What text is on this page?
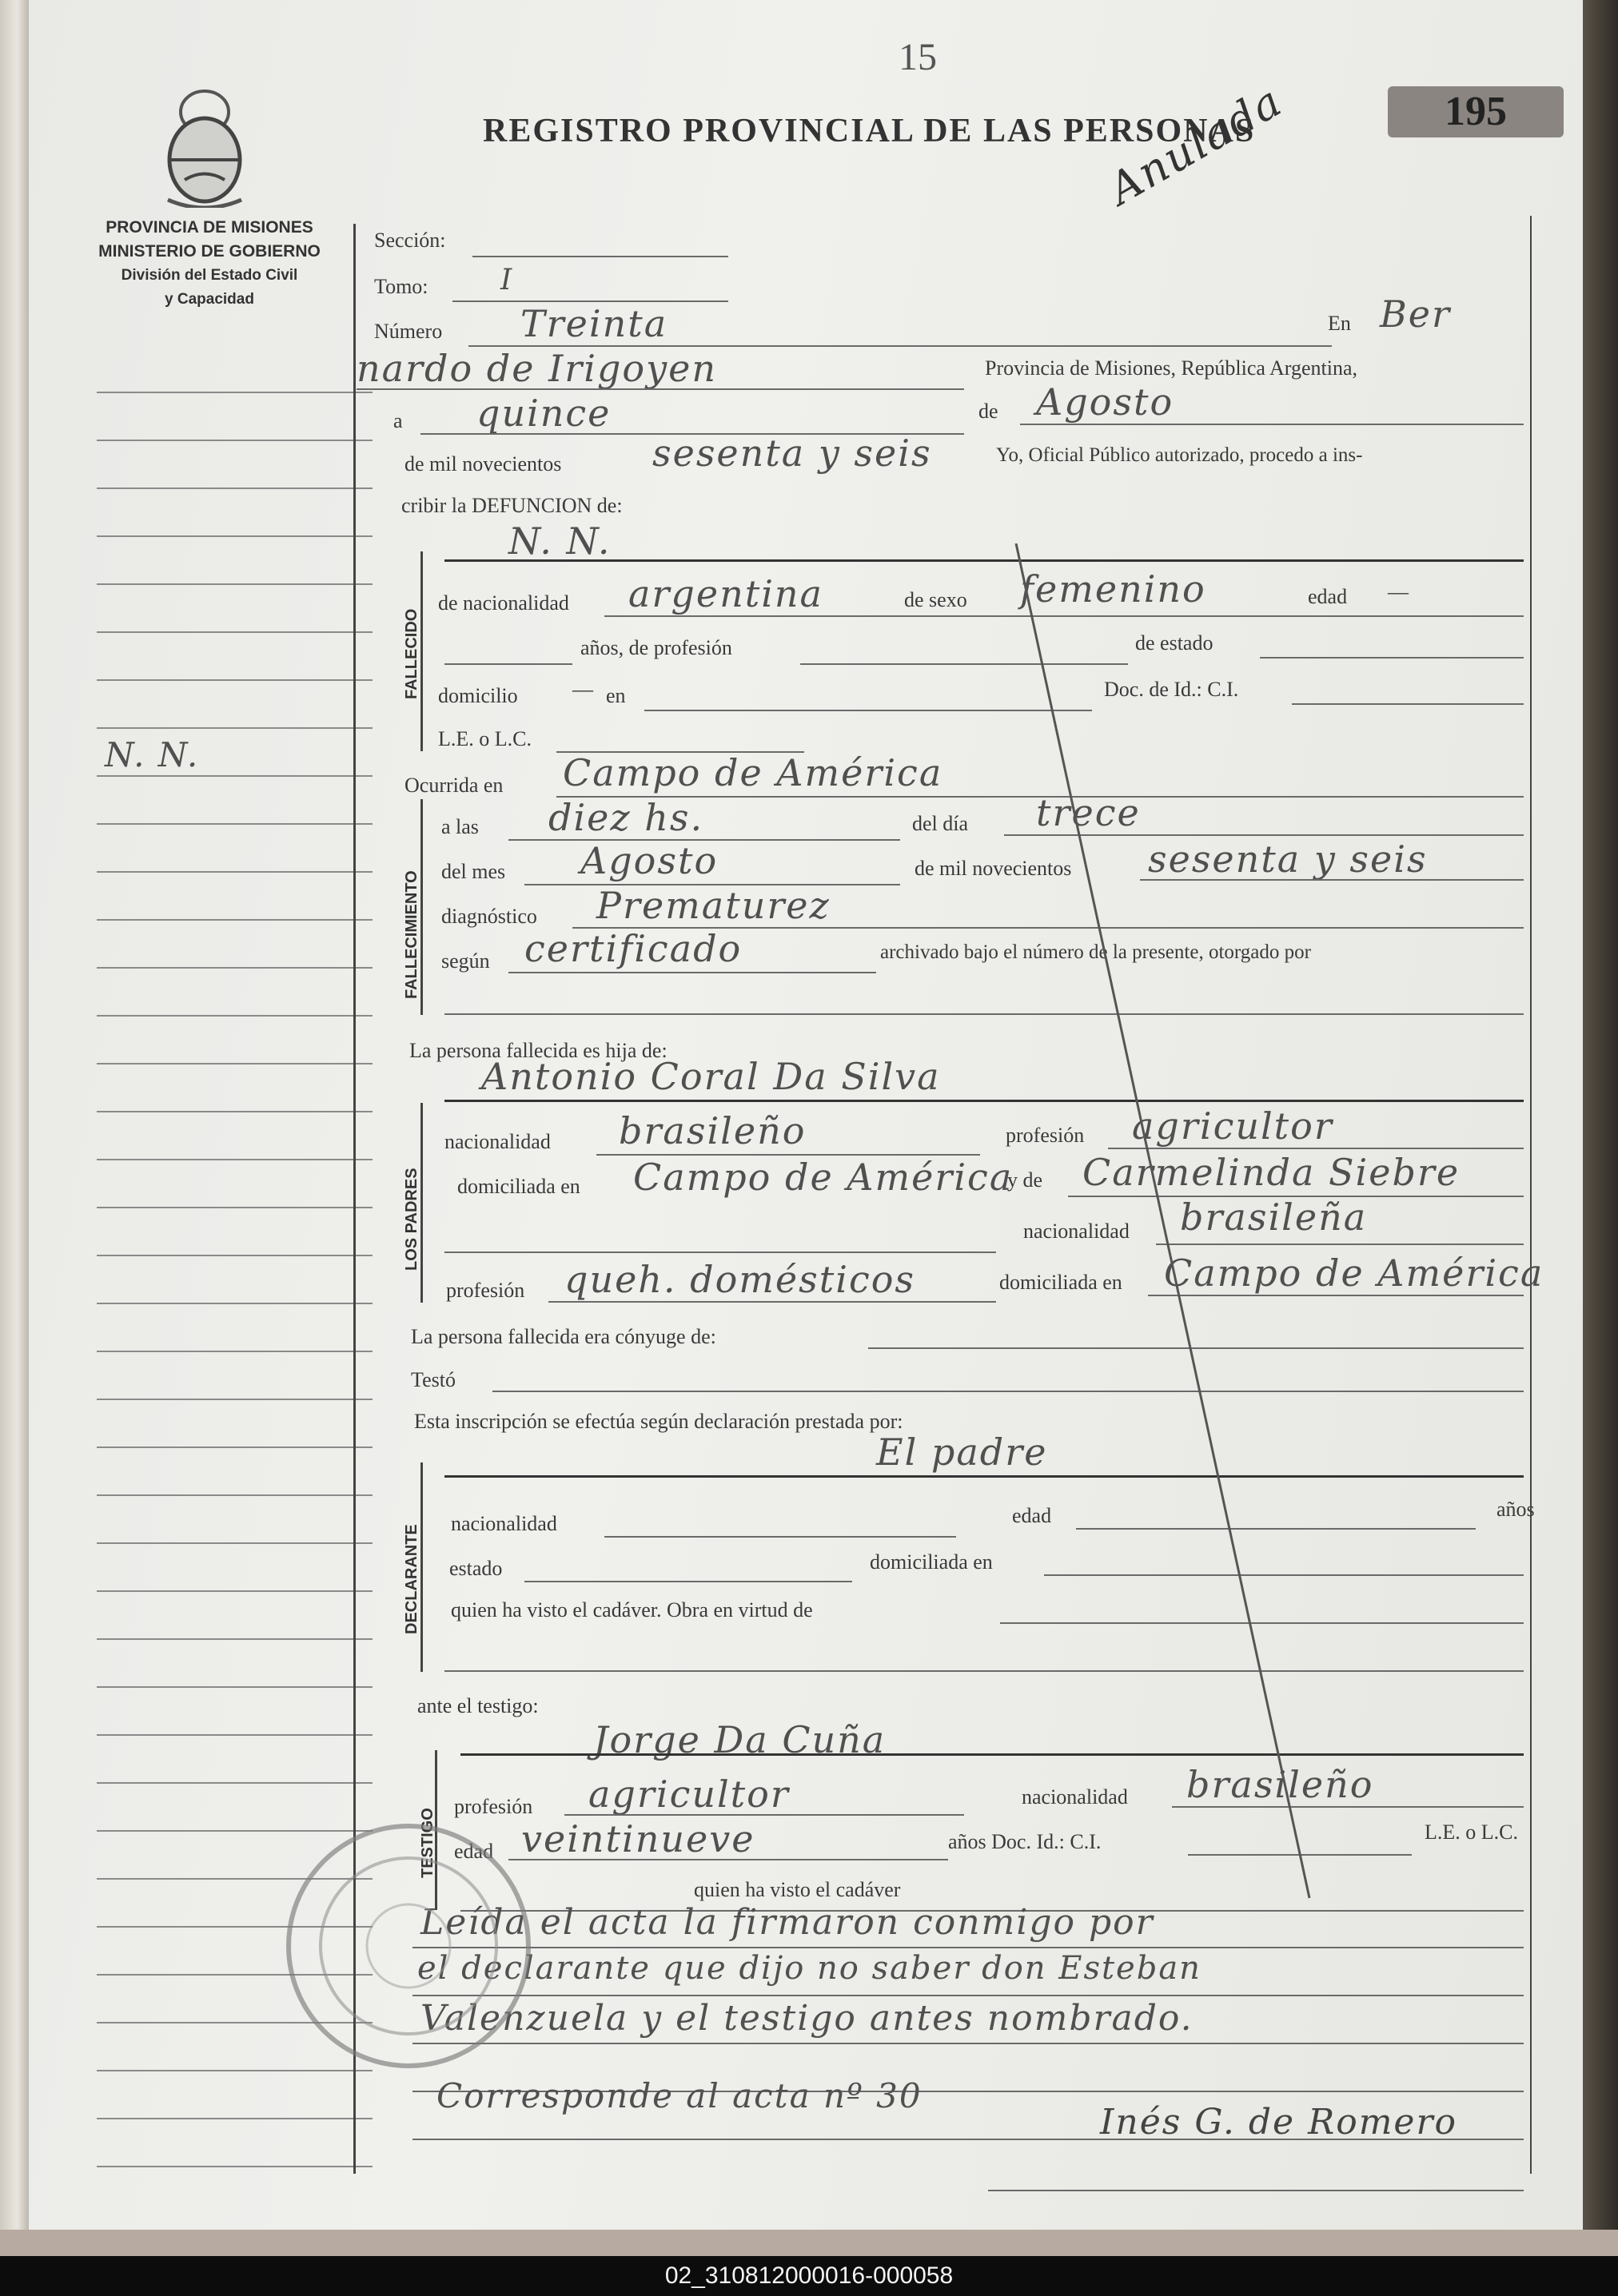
PROVINCIA DE MISIONES
MINISTERIO DE GOBIERNO
División del Estado Civil
y Capacidad
15
REGISTRO PROVINCIAL DE LAS PERSONAS	195
Anulada
N. N.
Sección:
Tomo:	I
Número Treinta	En Ber
nardo de Irigoyen	Provincia de Misiones, República Argentina,
a quince	de Agosto
de mil novecientos sesenta y seis	Yo, Oficial Público autorizado, procedo a ins-
cribir la DEFUNCION de:
FALLECIDO
N. N.
de nacionalidad argentina	de sexo femenino	edad —
años, de profesión	de estado
domicilio	— en	Doc. de Id.: C.I.
L.E. o L.C.
Ocurrida en Campo de América
FALLECIMIENTO
a las diez hs.	del día trece
del mes Agosto	de mil novecientos sesenta y seis
diagnóstico Prematurez
según certificado	archivado bajo el número de la presente, otorgado por
La persona fallecida es hija de:
Antonio Coral Da Silva
LOS PADRES
nacionalidad brasileño	profesión agricultor
domiciliada en Campo de América
y de Carmelinda Siebre
nacionalidad brasileña
profesión queh. domésticos	domiciliada en Campo de América
La persona fallecida era cónyuge de:
Testó
Esta inscripción se efectúa según declaración prestada por:
El padre
DECLARANTE
nacionalidad	edad	años
estado	domiciliada en
quien ha visto el cadáver. Obra en virtud de
ante el testigo:
Jorge Da Cuña
TESTIGO
profesión agricultor	nacionalidad brasileño
edad veintinueve	años Doc. Id.: C.I.	L.E. o L.C.
quien ha visto el cadáver
Leída el acta la firmaron conmigo por
el declarante que dijo no saber don Esteban
Valenzuela y el testigo antes nombrado.
Corresponde al acta nº 30
Inés G. de Romero
02_310812000016-000058
